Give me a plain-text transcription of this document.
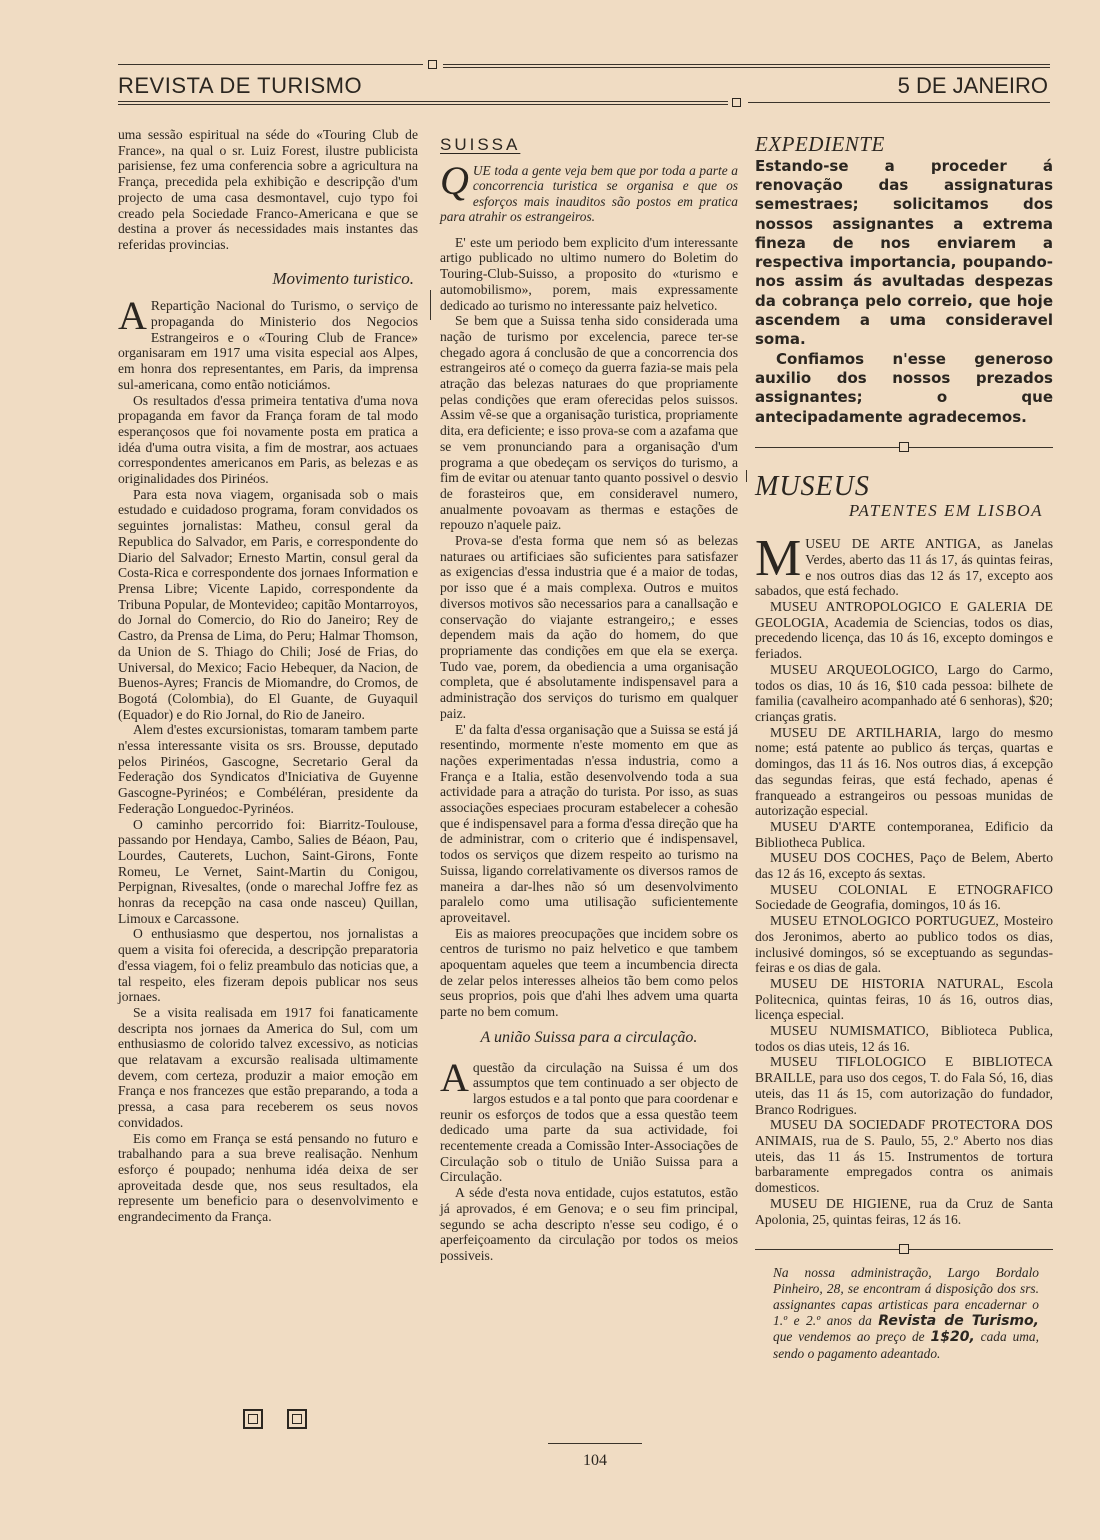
REVISTA DE TURISMO	5 DE JANEIRO

uma sessão espiritual na séde do «Touring Club de France», na qual o sr. Luiz Forest, ilustre publicista parisiense, fez uma conferencia sobre a agricultura na França, precedida pela exhibição e descripção d'um projecto de uma casa desmontavel, cujo typo foi creado pela Sociedade Franco-Americana e que se destina a prover ás necessidades mais instantes das referidas provincias.

Movimento turistico.
A Repartição Nacional do Turismo, o serviço de propaganda do Ministerio dos Negocios Estrangeiros e o «Touring Club de France» organisaram em 1917 uma visita especial aos Alpes, em honra dos representantes, em Paris, da imprensa sul-americana, como então noticiámos.

Os resultados d'essa primeira tentativa d'uma nova propaganda em favor da França foram de tal modo esperançosos que foi novamente posta em pratica a idéa d'uma outra visita, a fim de mostrar, aos actuaes correspondentes americanos em Paris, as belezas e as originalidades dos Pirinéos.

Para esta nova viagem, organisada sob o mais estudado e cuidadoso programa, foram convidados os seguintes jornalistas: Matheu, consul geral da Republica do Salvador, em Paris, e correspondente do Diario del Salvador; Ernesto Martin, consul geral da Costa-Rica e correspondente dos jornaes Information e Prensa Libre; Vicente Lapido, correspondente da Tribuna Popular, de Montevideo; capitão Montarroyos, do Jornal do Comercio, do Rio do Janeiro; Rey de Castro, da Prensa de Lima, do Peru; Halmar Thomson, da Union de S. Thiago do Chili; José de Frias, do Universal, do Mexico; Facio Hebequer, da Nacion, de Buenos-Ayres; Francis de Miomandre, do Cromos, de Bogotá (Colombia), do El Guante, de Guyaquil (Equador) e do Rio Jornal, do Rio de Janeiro.

Alem d'estes excursionistas, tomaram tambem parte n'essa interessante visita os srs. Brousse, deputado pelos Pirinéos, Gascogne, Secretario Geral da Federação dos Syndicatos d'Iniciativa de Guyenne Gascogne-Pyrinéos; e Combéléran, presidente da Federação Longuedoc-Pyrinéos.

O caminho percorrido foi: Biarritz-Toulouse, passando por Hendaya, Cambo, Salies de Béaon, Pau, Lourdes, Cauterets, Luchon, Saint-Girons, Fonte Romeu, Le Vernet, Saint-Martin du Conigou, Perpignan, Rivesaltes, (onde o marechal Joffre fez as honras da recepção na casa onde nasceu) Quillan, Limoux e Carcassone.

O enthusiasmo que despertou, nos jornalistas a quem a visita foi oferecida, a descripção preparatoria d'essa viagem, foi o feliz preambulo das noticias que, a tal respeito, eles fizeram depois publicar nos seus jornaes.

Se a visita realisada em 1917 foi fanaticamente descripta nos jornaes da America do Sul, com um enthusiasmo de colorido talvez excessivo, as noticias que relatavam a excursão realisada ultimamente devem, com certeza, produzir a maior emoção em França e nos francezes que estão preparando, a toda a pressa, a casa para receberem os seus novos convidados.

Eis como em França se está pensando no futuro e trabalhando para a sua breve realisação. Nenhum esforço é poupado; nenhuma idéa deixa de ser aproveitada desde que, nos seus resultados, ela represente um beneficio para o desenvolvimento e engrandecimento da França.

SUISSA
Q UE toda a gente veja bem que por toda a parte a concorrencia turistica se organisa e que os esforços mais inauditos são postos em pratica para atrahir os estrangeiros.

E' este um periodo bem explicito d'um interessante artigo publicado no ultimo numero do Boletim do Touring-Club-Suisso, a proposito do «turismo e automobilismo», porem, mais expressamente dedicado ao turismo no interessante paiz helvetico.

Se bem que a Suissa tenha sido considerada uma nação de turismo por excelencia, parece ter-se chegado agora á conclusão de que a concorrencia dos estrangeiros até o começo da guerra fazia-se mais pela atração das belezas naturaes do que propriamente pelas condições que eram oferecidas pelos suissos. Assim vê-se que a organisação turistica, propriamente dita, era deficiente; e isso prova-se com a azafama que se vem pronunciando para a organisação d'um programa a que obedeçam os serviços do turismo, a fim de evitar ou atenuar tanto quanto possivel o desvio de forasteiros que, em consideravel numero, anualmente povoavam as thermas e estações de repouzo n'aquele paiz.

Prova-se d'esta forma que nem só as belezas naturaes ou artificiaes são suficientes para satisfazer as exigencias d'essa industria que é a maior de todas, por isso que é a mais complexa. Outros e muitos diversos motivos são necessarios para a canallsação e conservação do viajante estrangeiro,; e esses dependem mais da ação do homem, do que propriamente das condições em que ela se exerça. Tudo vae, porem, da obediencia a uma organisação completa, que é absolutamente indispensavel para a administração dos serviços do turismo em qualquer paiz.

E' da falta d'essa organisação que a Suissa se está já resentindo, mormente n'este momento em que as nações experimentadas n'essa industria, como a França e a Italia, estão desenvolvendo toda a sua actividade para a atração do turista. Por isso, as suas associações especiaes procuram estabelecer a cohesão que é indispensavel para a forma d'essa direção que ha de administrar, com o criterio que é indispensavel, todos os serviços que dizem respeito ao turismo na Suissa, ligando correlativamente os diversos ramos de maneira a dar-lhes não só um desenvolvimento paralelo como uma utilisação suficientemente aproveitavel.

Eis as maiores preocupações que incidem sobre os centros de turismo no paiz helvetico e que tambem apoquentam aqueles que teem a incumbencia directa de zelar pelos interesses alheios tão bem como pelos seus proprios, pois que d'ahi lhes advem uma quarta parte no bem comum.

A união Suissa para a circulação.
A questão da circulação na Suissa é um dos assumptos que tem continuado a ser objecto de largos estudos e a tal ponto que para coordenar e reunir os esforços de todos que a essa questão teem dedicado uma parte da sua actividade, foi recentemente creada a Comissão Inter-Associações de Circulação sob o titulo de União Suissa para a Circulação.

A séde d'esta nova entidade, cujos estatutos, estão já aprovados, é em Genova; e o seu fim principal, segundo se acha descripto n'esse seu codigo, é o aperfeiçoamento da circulação por todos os meios possiveis.

EXPEDIENTE

Estando-se a proceder á renovação das assignaturas semestraes; solicitamos dos nossos assignantes a extrema fineza de nos enviarem a respectiva importancia, poupando-nos assim ás avultadas despezas da cobrança pelo correio, que hoje ascendem a uma consideravel soma.

Confiamos n'esse generoso auxilio dos nossos prezados assignantes; o que antecipadamente agradecemos.

MUSEUS
PATENTES EM LISBOA
M USEU DE ARTE ANTIGA, as Janelas Verdes, aberto das 11 ás 17, ás quintas feiras, e nos outros dias das 12 ás 17, excepto aos sabados, que está fechado.

MUSEU ANTROPOLOGICO E GALERIA DE GEOLOGIA, Academia de Sciencias, todos os dias, precedendo licença, das 10 ás 16, excepto domingos e feriados.

MUSEU ARQUEOLOGICO, Largo do Carmo, todos os dias, 10 ás 16, $10 cada pessoa: bilhete de familia (cavalheiro acompanhado até 6 senhoras), $20; crianças gratis.

MUSEU DE ARTILHARIA, largo do mesmo nome; está patente ao publico ás terças, quartas e domingos, das 11 ás 16. Nos outros dias, á excepção das segundas feiras, que está fechado, apenas é franqueado a estrangeiros ou pessoas munidas de autorização especial.

MUSEU D'ARTE contemporanea, Edificio da Bibliotheca Publica.

MUSEU DOS COCHES, Paço de Belem, Aberto das 12 ás 16, excepto ás sextas.

MUSEU COLONIAL E ETNOGRAFICO Sociedade de Geografia, domingos, 10 ás 16.

MUSEU ETNOLOGICO PORTUGUEZ, Mosteiro dos Jeronimos, aberto ao publico todos os dias, inclusivé domingos, só se exceptuando as segundas-feiras e os dias de gala.

MUSEU DE HISTORIA NATURAL, Escola Politecnica, quintas feiras, 10 ás 16, outros dias, licença especial.

MUSEU NUMISMATICO, Biblioteca Publica, todos os dias uteis, 12 ás 16.

MUSEU TIFLOLOGICO E BIBLIOTECA BRAILLE, para uso dos cegos, T. do Fala Só, 16, dias uteis, das 11 ás 15, com autorização do fundador, Branco Rodrigues.

MUSEU DA SOCIEDADF PROTECTORA DOS ANIMAIS, rua de S. Paulo, 55, 2.º Aberto nos dias uteis, das 11 ás 15. Instrumentos de tortura barbaramente empregados contra os animais domesticos.

MUSEU DE HIGIENE, rua da Cruz de Santa Apolonia, 25, quintas feiras, 12 ás 16.

Na nossa administração, Largo Bordalo Pinheiro, 28, se encontram á disposição dos srs. assignantes capas artisticas para encadernar o 1.º e 2.º anos da Revista de Turismo, que vendemos ao preço de 1$20, cada uma, sendo o pagamento adeantado.
104
